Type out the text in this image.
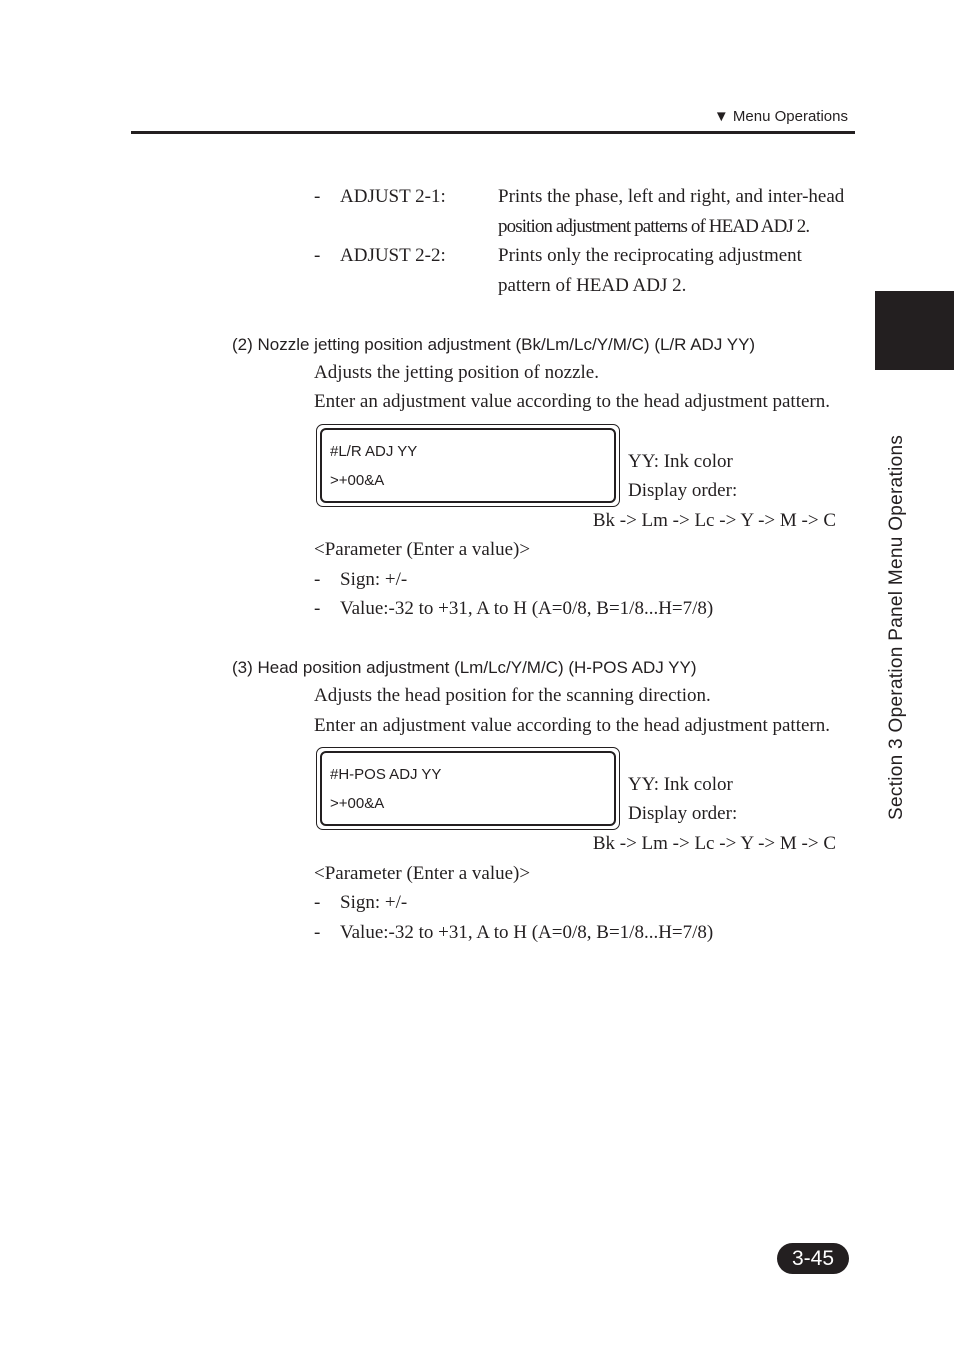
▼ Menu Operations
Section 3 Operation Panel Menu Operations
- ADJUST 2-1:	Prints the phase, left and right, and inter-head
position adjustment patterns of HEAD ADJ 2.
- ADJUST 2-2:	Prints only the reciprocating adjustment
pattern of HEAD ADJ 2.
(2) Nozzle jetting position adjustment (Bk/Lm/Lc/Y/M/C) (L/R ADJ YY)
Adjusts the jetting position of nozzle.
Enter an adjustment value according to the head adjustment pattern.
#L/R ADJ YY
>+00&A
YY: Ink color
Display order:
Bk -> Lm -> Lc -> Y -> M -> C
<Parameter (Enter a value)>
- Sign: +/-
- Value:-32 to +31, A to H (A=0/8, B=1/8...H=7/8)
(3) Head position adjustment (Lm/Lc/Y/M/C) (H-POS ADJ YY)
Adjusts the head position for the scanning direction.
Enter an adjustment value according to the head adjustment pattern.
#H-POS ADJ YY
>+00&A
YY: Ink color
Display order:
Bk -> Lm -> Lc -> Y -> M -> C
<Parameter (Enter a value)>
- Sign: +/-
- Value:-32 to +31, A to H (A=0/8, B=1/8...H=7/8)
3-45
